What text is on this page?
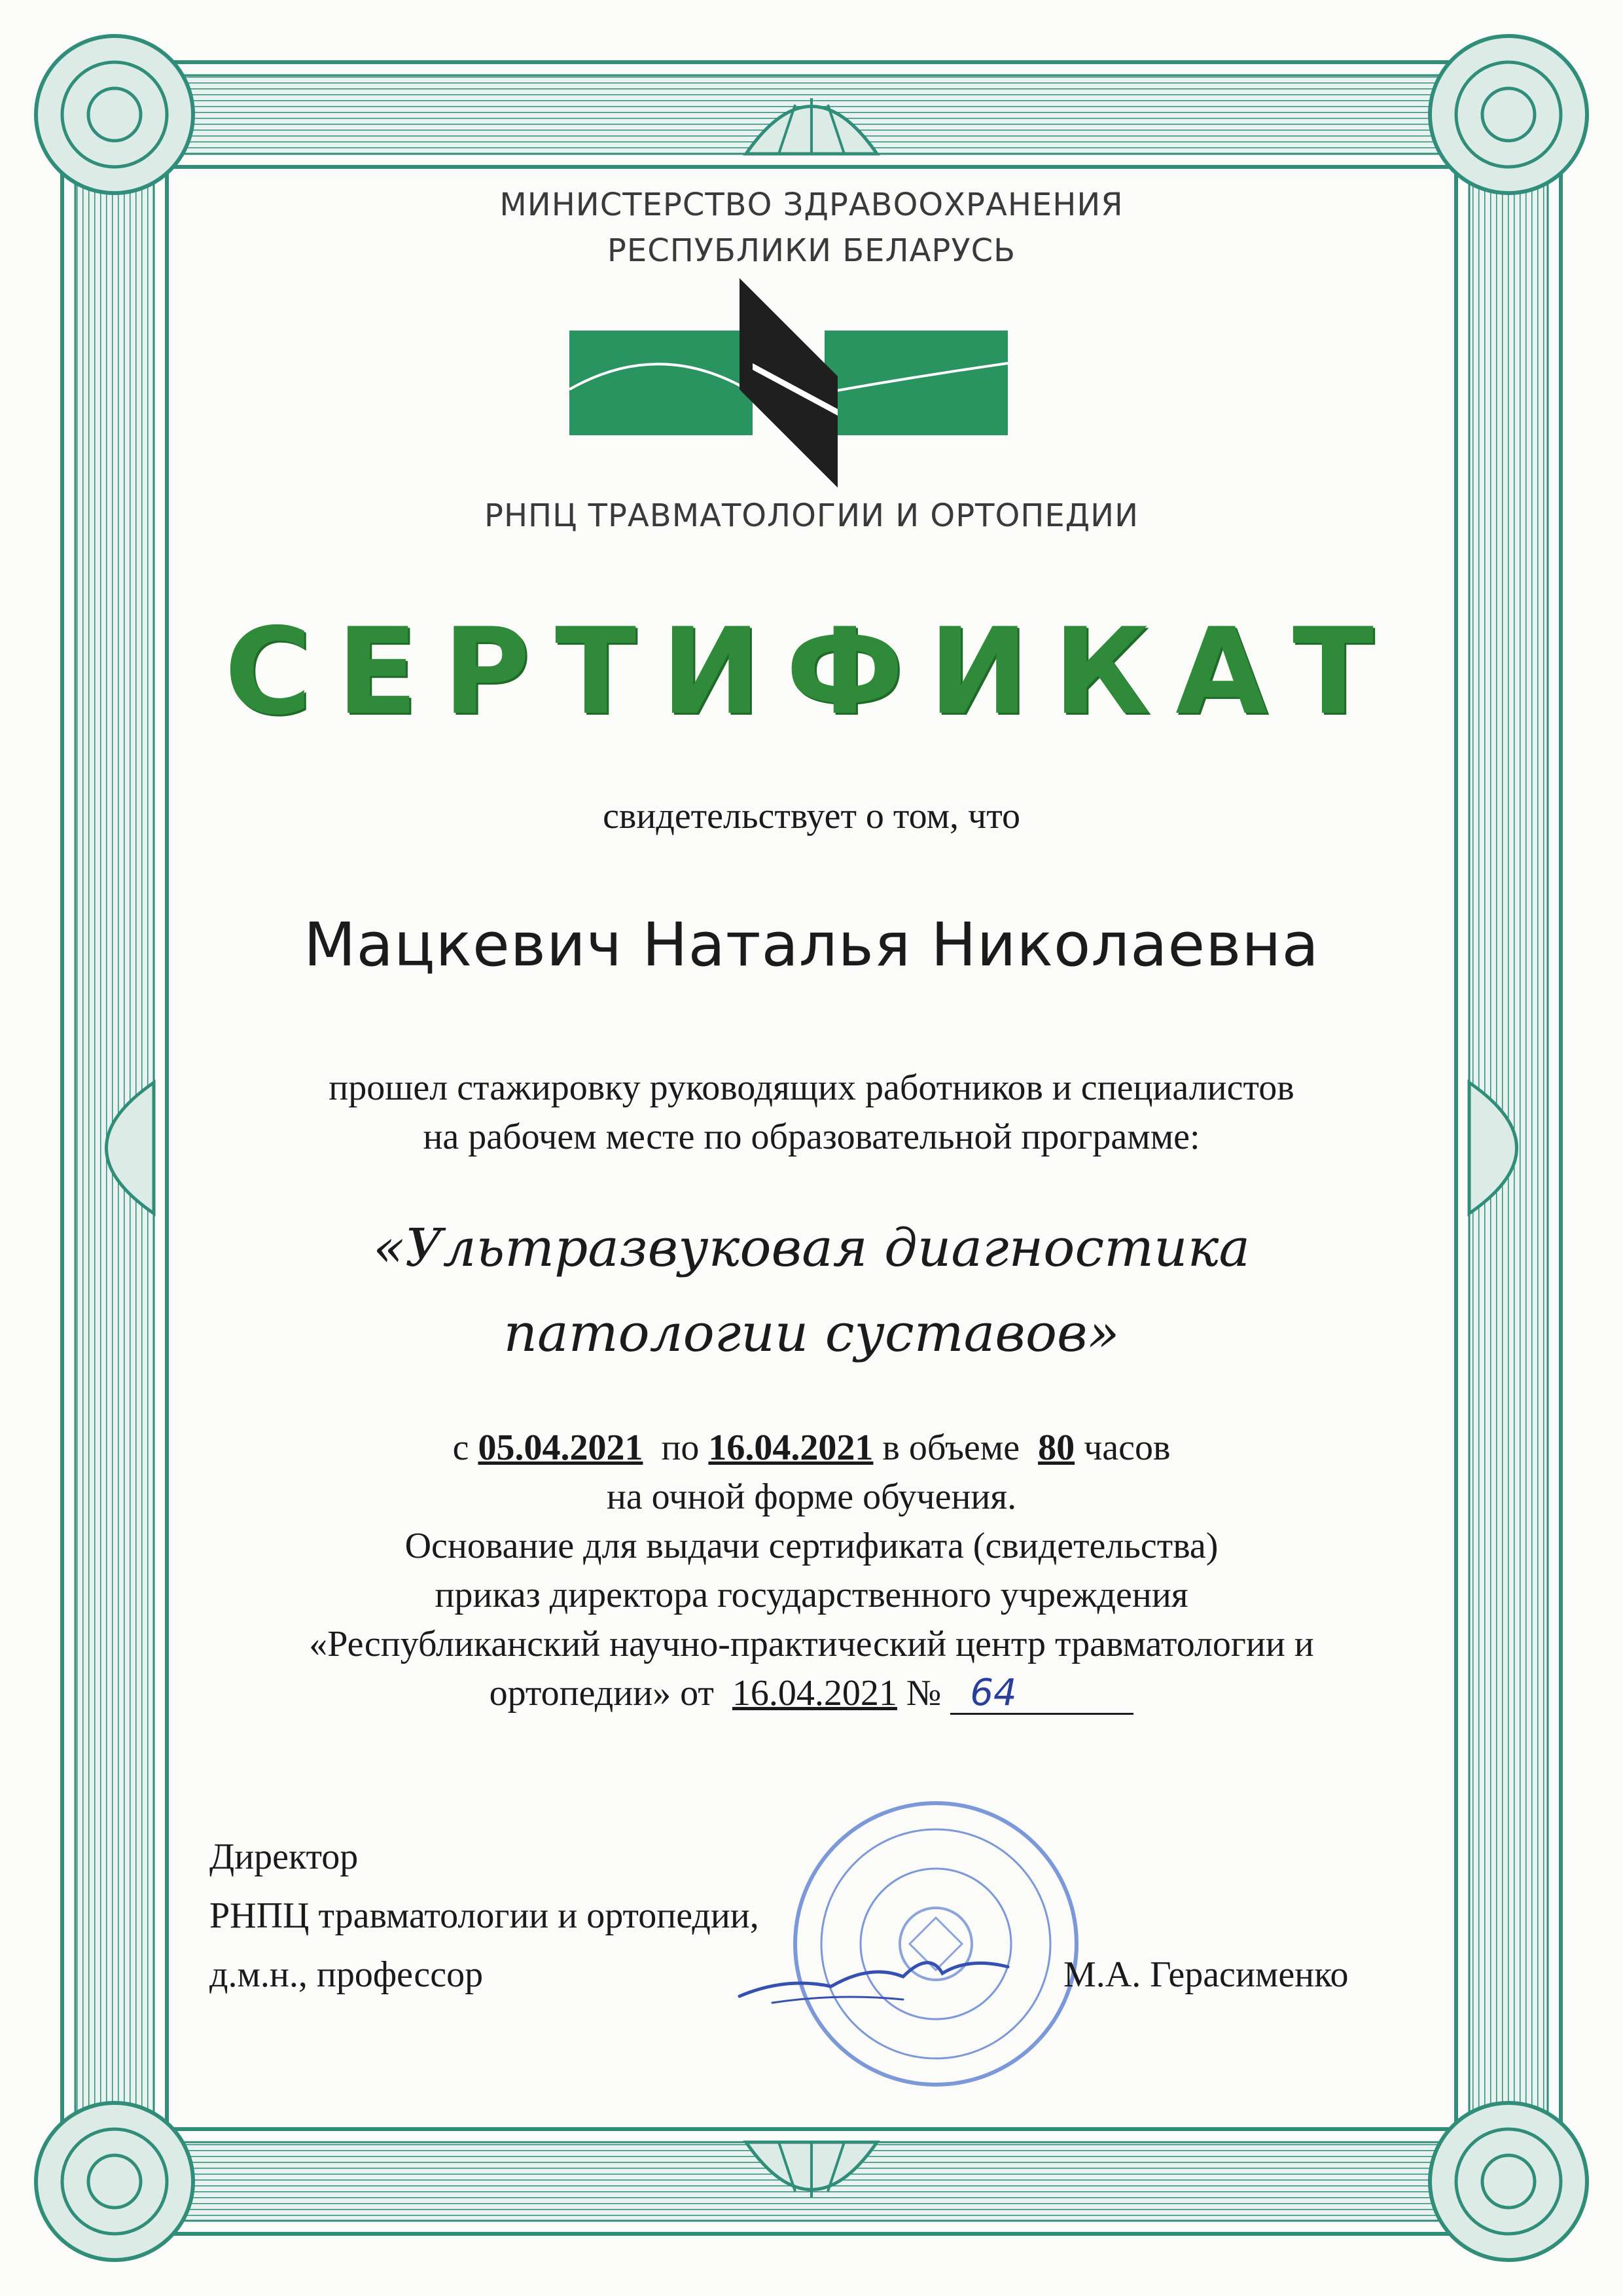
МИНИСТЕРСТВО ЗДРАВООХРАНЕНИЯ
РЕСПУБЛИКИ БЕЛАРУСЬ
РНПЦ ТРАВМАТОЛОГИИ И ОРТОПЕДИИ
СЕРТИФИКАТ
свидетельствует о том, что
Мацкевич Наталья Николаевна
прошел стажировку руководящих работников и специалистов
на рабочем месте по образовательной программе:
«Ультразвуковая диагностика
патологии суставов»
с 05.04.2021 по 16.04.2021 в объеме 80 часов
на очной форме обучения.
Основание для выдачи сертификата (свидетельства)
приказ директора государственного учреждения
«Республиканский научно-практический центр травматологии и
ортопедии» от 16.04.2021 № 64
Директор
РНПЦ травматологии и ортопедии,
д.м.н., профессор	М.А. Герасименко
